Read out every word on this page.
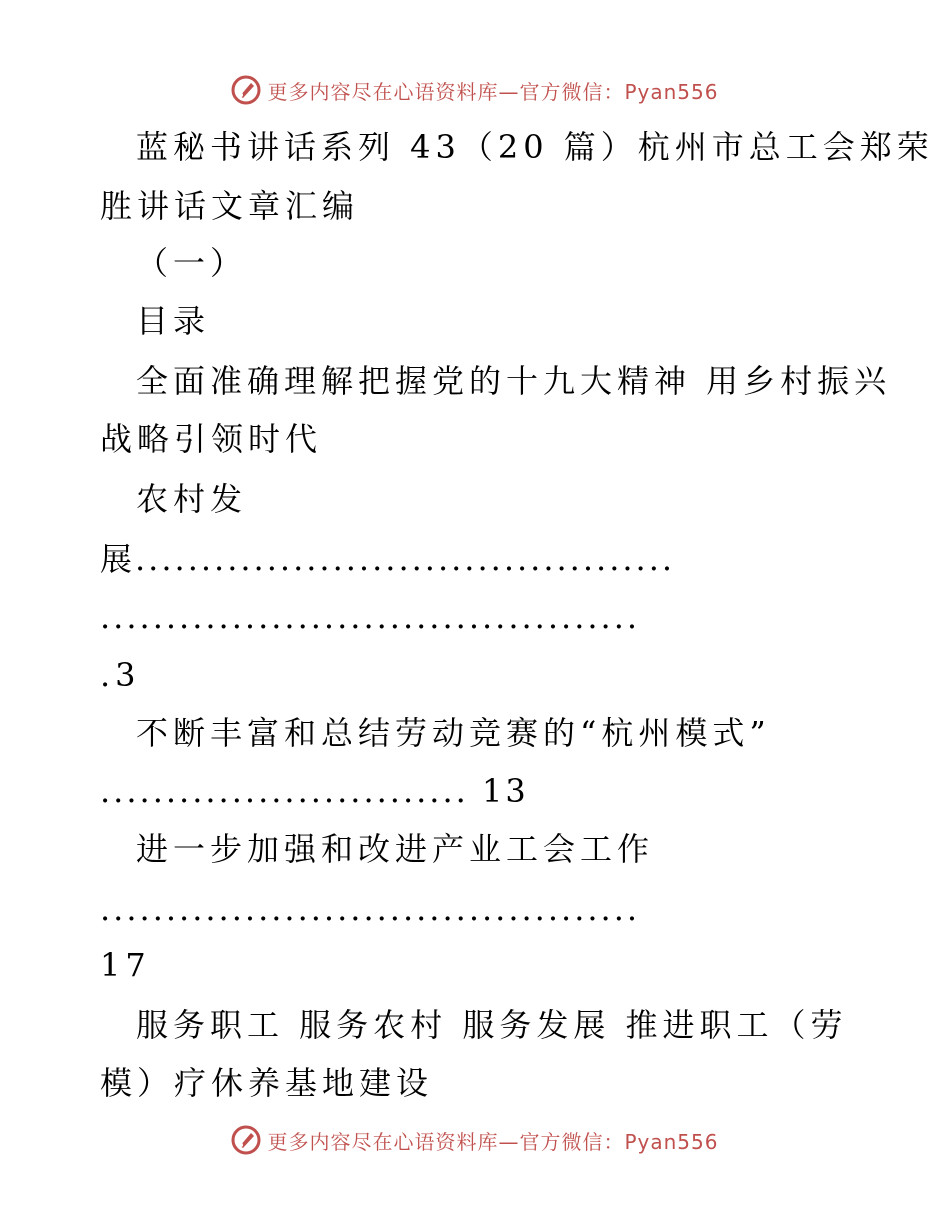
更多内容尽在心语资料库—官方微信：Pyan556
蓝秘书讲话系列 43（20 篇）杭州市总工会郑荣
胜讲话文章汇编
（一）
目录
全面准确理解把握党的十九大精神 用乡村振兴
战略引领时代
农村发
展.........................................
.........................................
.3
不断丰富和总结劳动竞赛的“杭州模式”
............................ 13
进一步加强和改进产业工会工作
.........................................
17
服务职工 服务农村 服务发展 推进职工（劳
模）疗休养基地建设
更多内容尽在心语资料库—官方微信：Pyan556
